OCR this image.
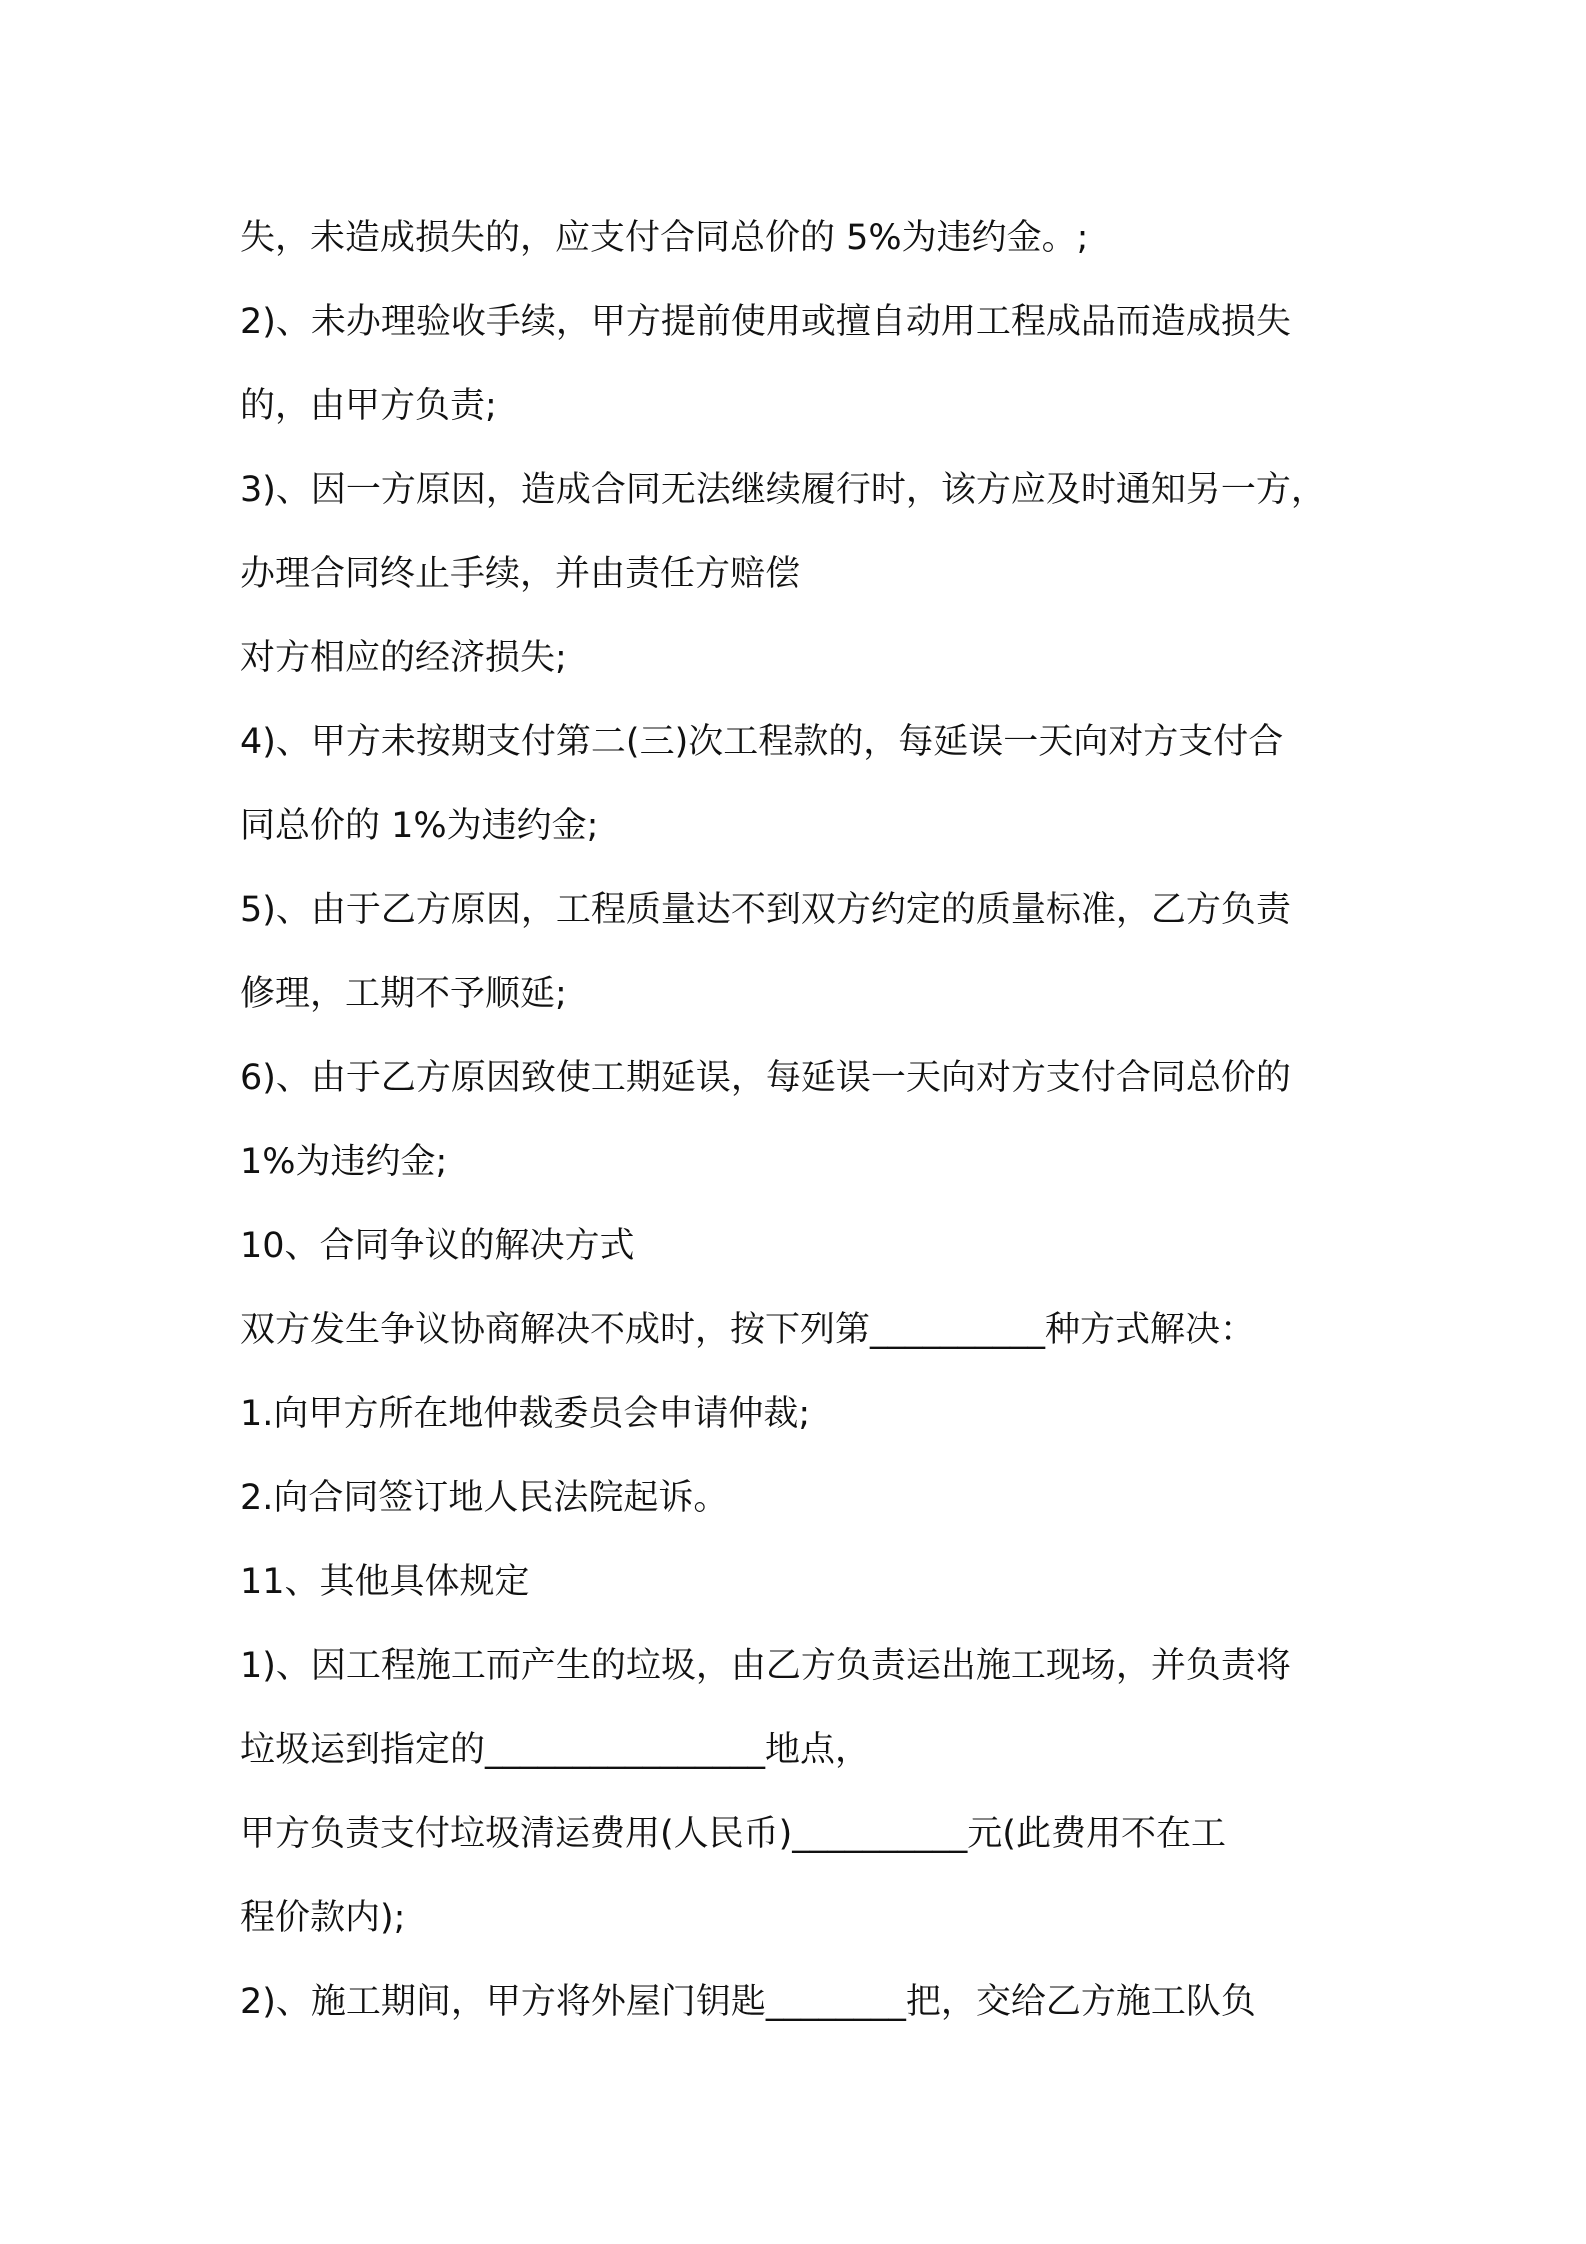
失，未造成损失的，应支付合同总价的 5%为违约金。;
2)、未办理验收手续，甲方提前使用或擅自动用工程成品而造成损失
的，由甲方负责;
3)、因一方原因，造成合同无法继续履行时，该方应及时通知另一方，
办理合同终止手续，并由责任方赔偿
对方相应的经济损失;
4)、甲方未按期支付第二(三)次工程款的，每延误一天向对方支付合
同总价的 1%为违约金;
5)、由于乙方原因，工程质量达不到双方约定的质量标准，乙方负责
修理，工期不予顺延;
6)、由于乙方原因致使工期延误，每延误一天向对方支付合同总价的
1%为违约金;
10、合同争议的解决方式
双方发生争议协商解决不成时，按下列第__________种方式解决：
1.向甲方所在地仲裁委员会申请仲裁;
2.向合同签订地人民法院起诉。
11、其他具体规定
1)、因工程施工而产生的垃圾，由乙方负责运出施工现场，并负责将
垃圾运到指定的________________地点，
甲方负责支付垃圾清运费用(人民币)__________元(此费用不在工
程价款内);
2)、施工期间，甲方将外屋门钥匙________把，交给乙方施工队负
